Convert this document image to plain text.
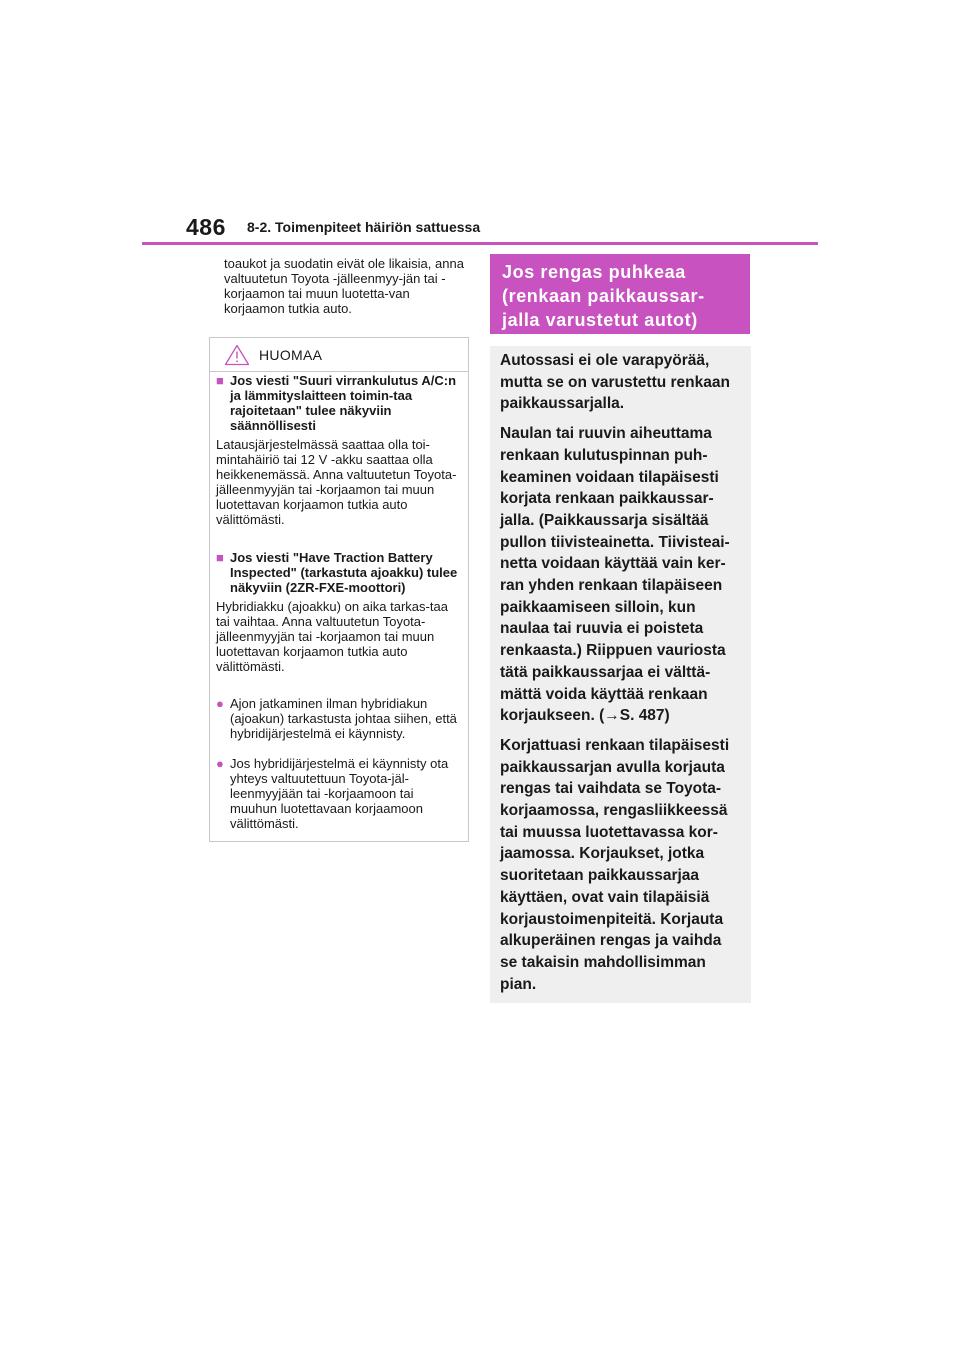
486 8-2. Toimenpiteet häiriön sattuessa
toaukot ja suodatin eivät ole likaisia, anna valtuutetun Toyota -jälleenmyy-jän tai -korjaamon tai muun luotetta-van korjaamon tutkia auto.
HUOMAA
■ Jos viesti "Suuri virrankulutus A/C:n ja lämmityslaitteen toimin-taa rajoitetaan" tulee näkyviin säännöllisesti
Latausjärjestelmässä saattaa olla toi-mintahäiriö tai 12 V -akku saattaa olla heikkenemässä. Anna valtuutetun Toyota-jälleenmyyjän tai -korjaamon tai muun luotettavan korjaamon tutkia auto välittömästi.
■ Jos viesti "Have Traction Battery Inspected" (tarkastuta ajoakku) tulee näkyviin (2ZR-FXE-moottori)
Hybridiakku (ajoakku) on aika tarkas-taa tai vaihtaa. Anna valtuutetun Toyota-jälleenmyyjän tai -korjaamon tai muun luotettavan korjaamon tutkia auto välittömästi.
● Ajon jatkaminen ilman hybridiakun (ajoakun) tarkastusta johtaa siihen, että hybridijärjestelmä ei käynnisty.
● Jos hybridijärjestelmä ei käynnisty ota yhteys valtuutettuun Toyota-jäl-leenmyyjään tai -korjaamoon tai muuhun luotettavaan korjaamoon välittömästi.
Jos rengas puhkeaa (renkaan paikkaussar-jalla varustetut autot)

Autossasi ei ole varapyörää, mutta se on varustettu renkaan paikkaussarjalla.

Naulan tai ruuvin aiheuttama renkaan kulutuspinnan puh-keaminen voidaan tilapäisesti korjata renkaan paikkaussar-jalla. (Paikkaussarja sisältää pullon tiivisteainetta. Tiivisteai-netta voidaan käyttää vain ker-ran yhden renkaan tilapäiseen paikkaamiseen silloin, kun naulaa tai ruuvia ei poisteta renkaasta.) Riippuen vauriosta tätä paikkaussarjaa ei välttä-mättä voida käyttää renkaan korjaukseen. (→S. 487)

Korjattuasi renkaan tilapäisesti paikkaussarjan avulla korjauta rengas tai vaihdata se Toyota-korjaamossa, rengasliikkeessä tai muussa luotettavassa kor-jaamossa. Korjaukset, jotka suoritetaan paikkaussarjaa käyttäen, ovat vain tilapäisiä korjaustoimenpiteitä. Korjauta alkuperäinen rengas ja vaihda se takaisin mahdollisimman pian.
